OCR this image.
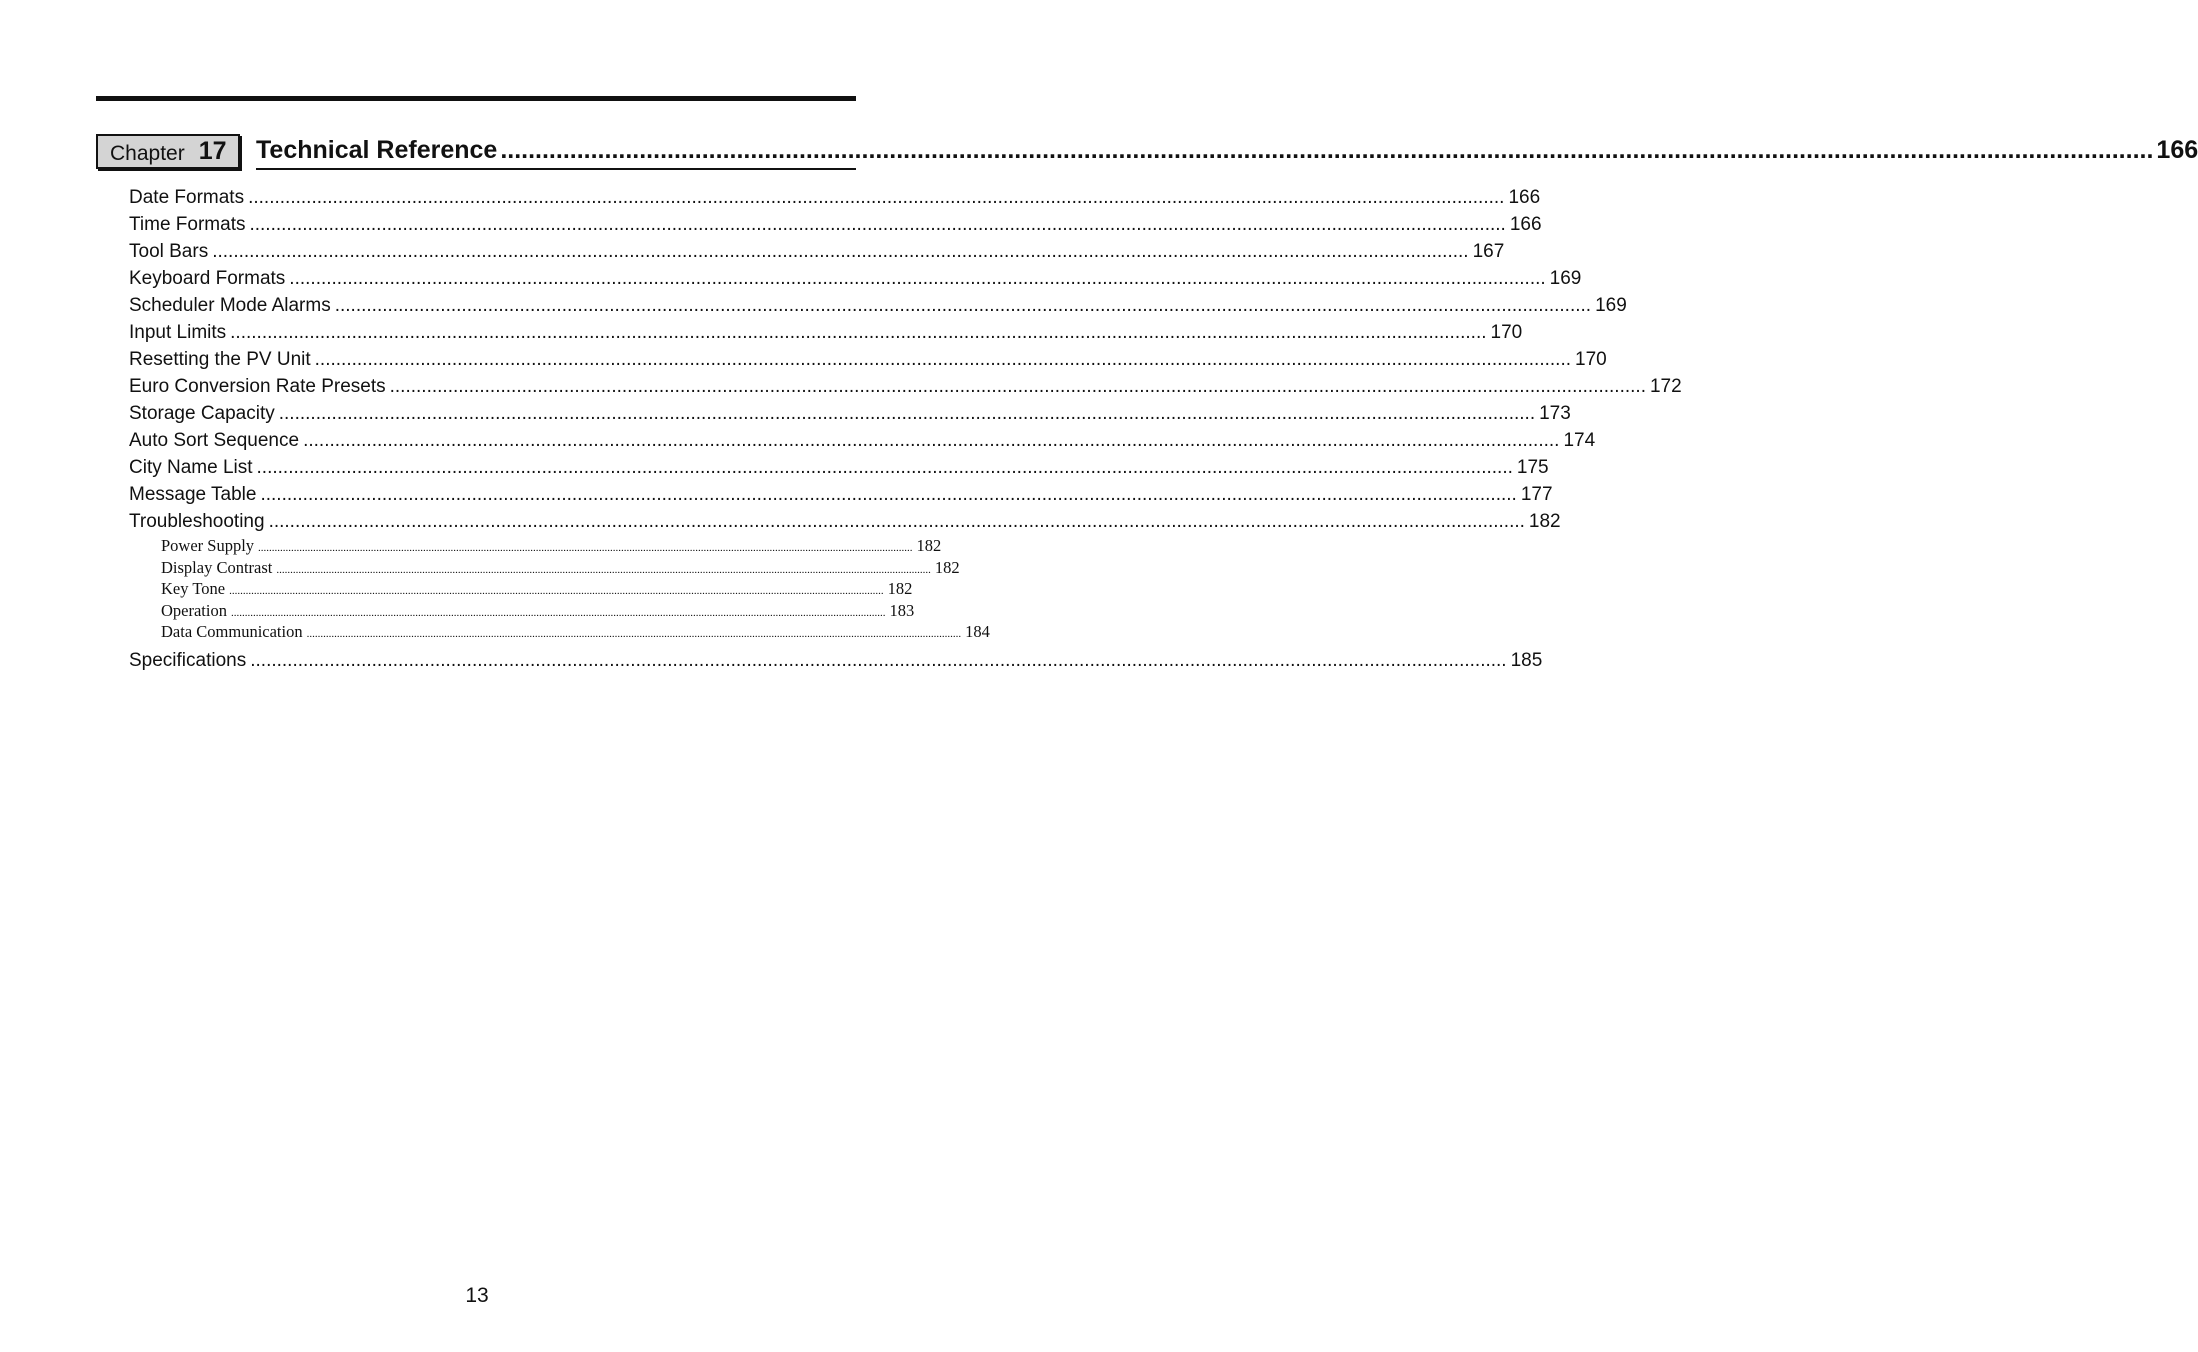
Chapter 17 Technical Reference .............................................................................................................................................................................................................................................. 166
Date Formats .............................................................................................................................................................................................................................................. 166
Time Formats .............................................................................................................................................................................................................................................. 166
Tool Bars .............................................................................................................................................................................................................................................. 167
Keyboard Formats .............................................................................................................................................................................................................................................. 169
Scheduler Mode Alarms .............................................................................................................................................................................................................................................. 169
Input Limits .............................................................................................................................................................................................................................................. 170
Resetting the PV Unit .............................................................................................................................................................................................................................................. 170
Euro Conversion Rate Presets .............................................................................................................................................................................................................................................. 172
Storage Capacity .............................................................................................................................................................................................................................................. 173
Auto Sort Sequence .............................................................................................................................................................................................................................................. 174
City Name List .............................................................................................................................................................................................................................................. 175
Message Table .............................................................................................................................................................................................................................................. 177
Troubleshooting .............................................................................................................................................................................................................................................. 182
Power Supply .............................................................................................................................................................................................................................................. 182
Display Contrast .............................................................................................................................................................................................................................................. 182
Key Tone .............................................................................................................................................................................................................................................. 182
Operation .............................................................................................................................................................................................................................................. 183
Data Communication .............................................................................................................................................................................................................................................. 184
Specifications .............................................................................................................................................................................................................................................. 185
13
